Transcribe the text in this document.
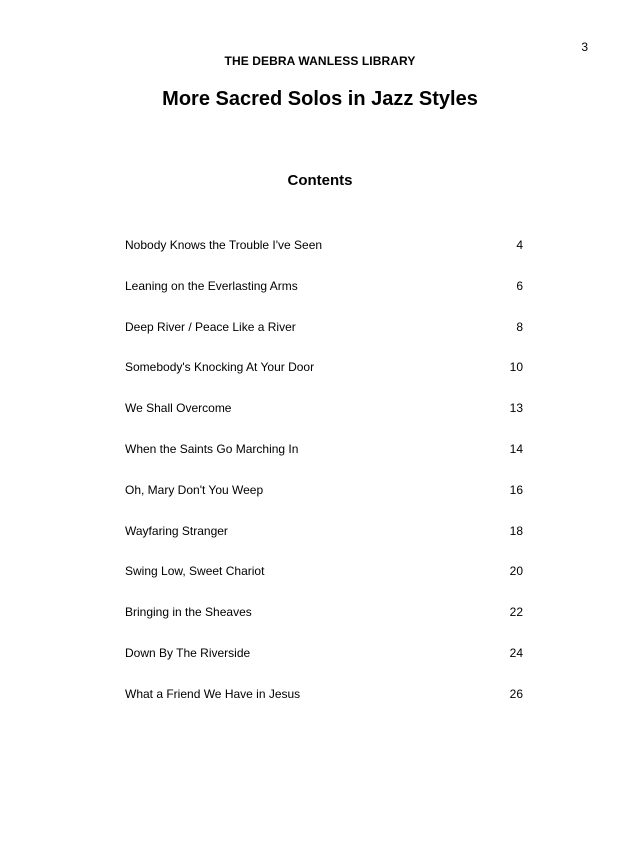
3
THE DEBRA WANLESS LIBRARY
More Sacred Solos in Jazz Styles
Contents
Nobody Knows the Trouble I've Seen	4
Leaning on the Everlasting Arms	6
Deep River / Peace Like a River	8
Somebody's Knocking At Your Door	10
We Shall Overcome	13
When the Saints Go Marching In	14
Oh, Mary Don't You Weep	16
Wayfaring Stranger	18
Swing Low, Sweet Chariot	20
Bringing in the Sheaves	22
Down By The Riverside	24
What a Friend We Have in Jesus	26
